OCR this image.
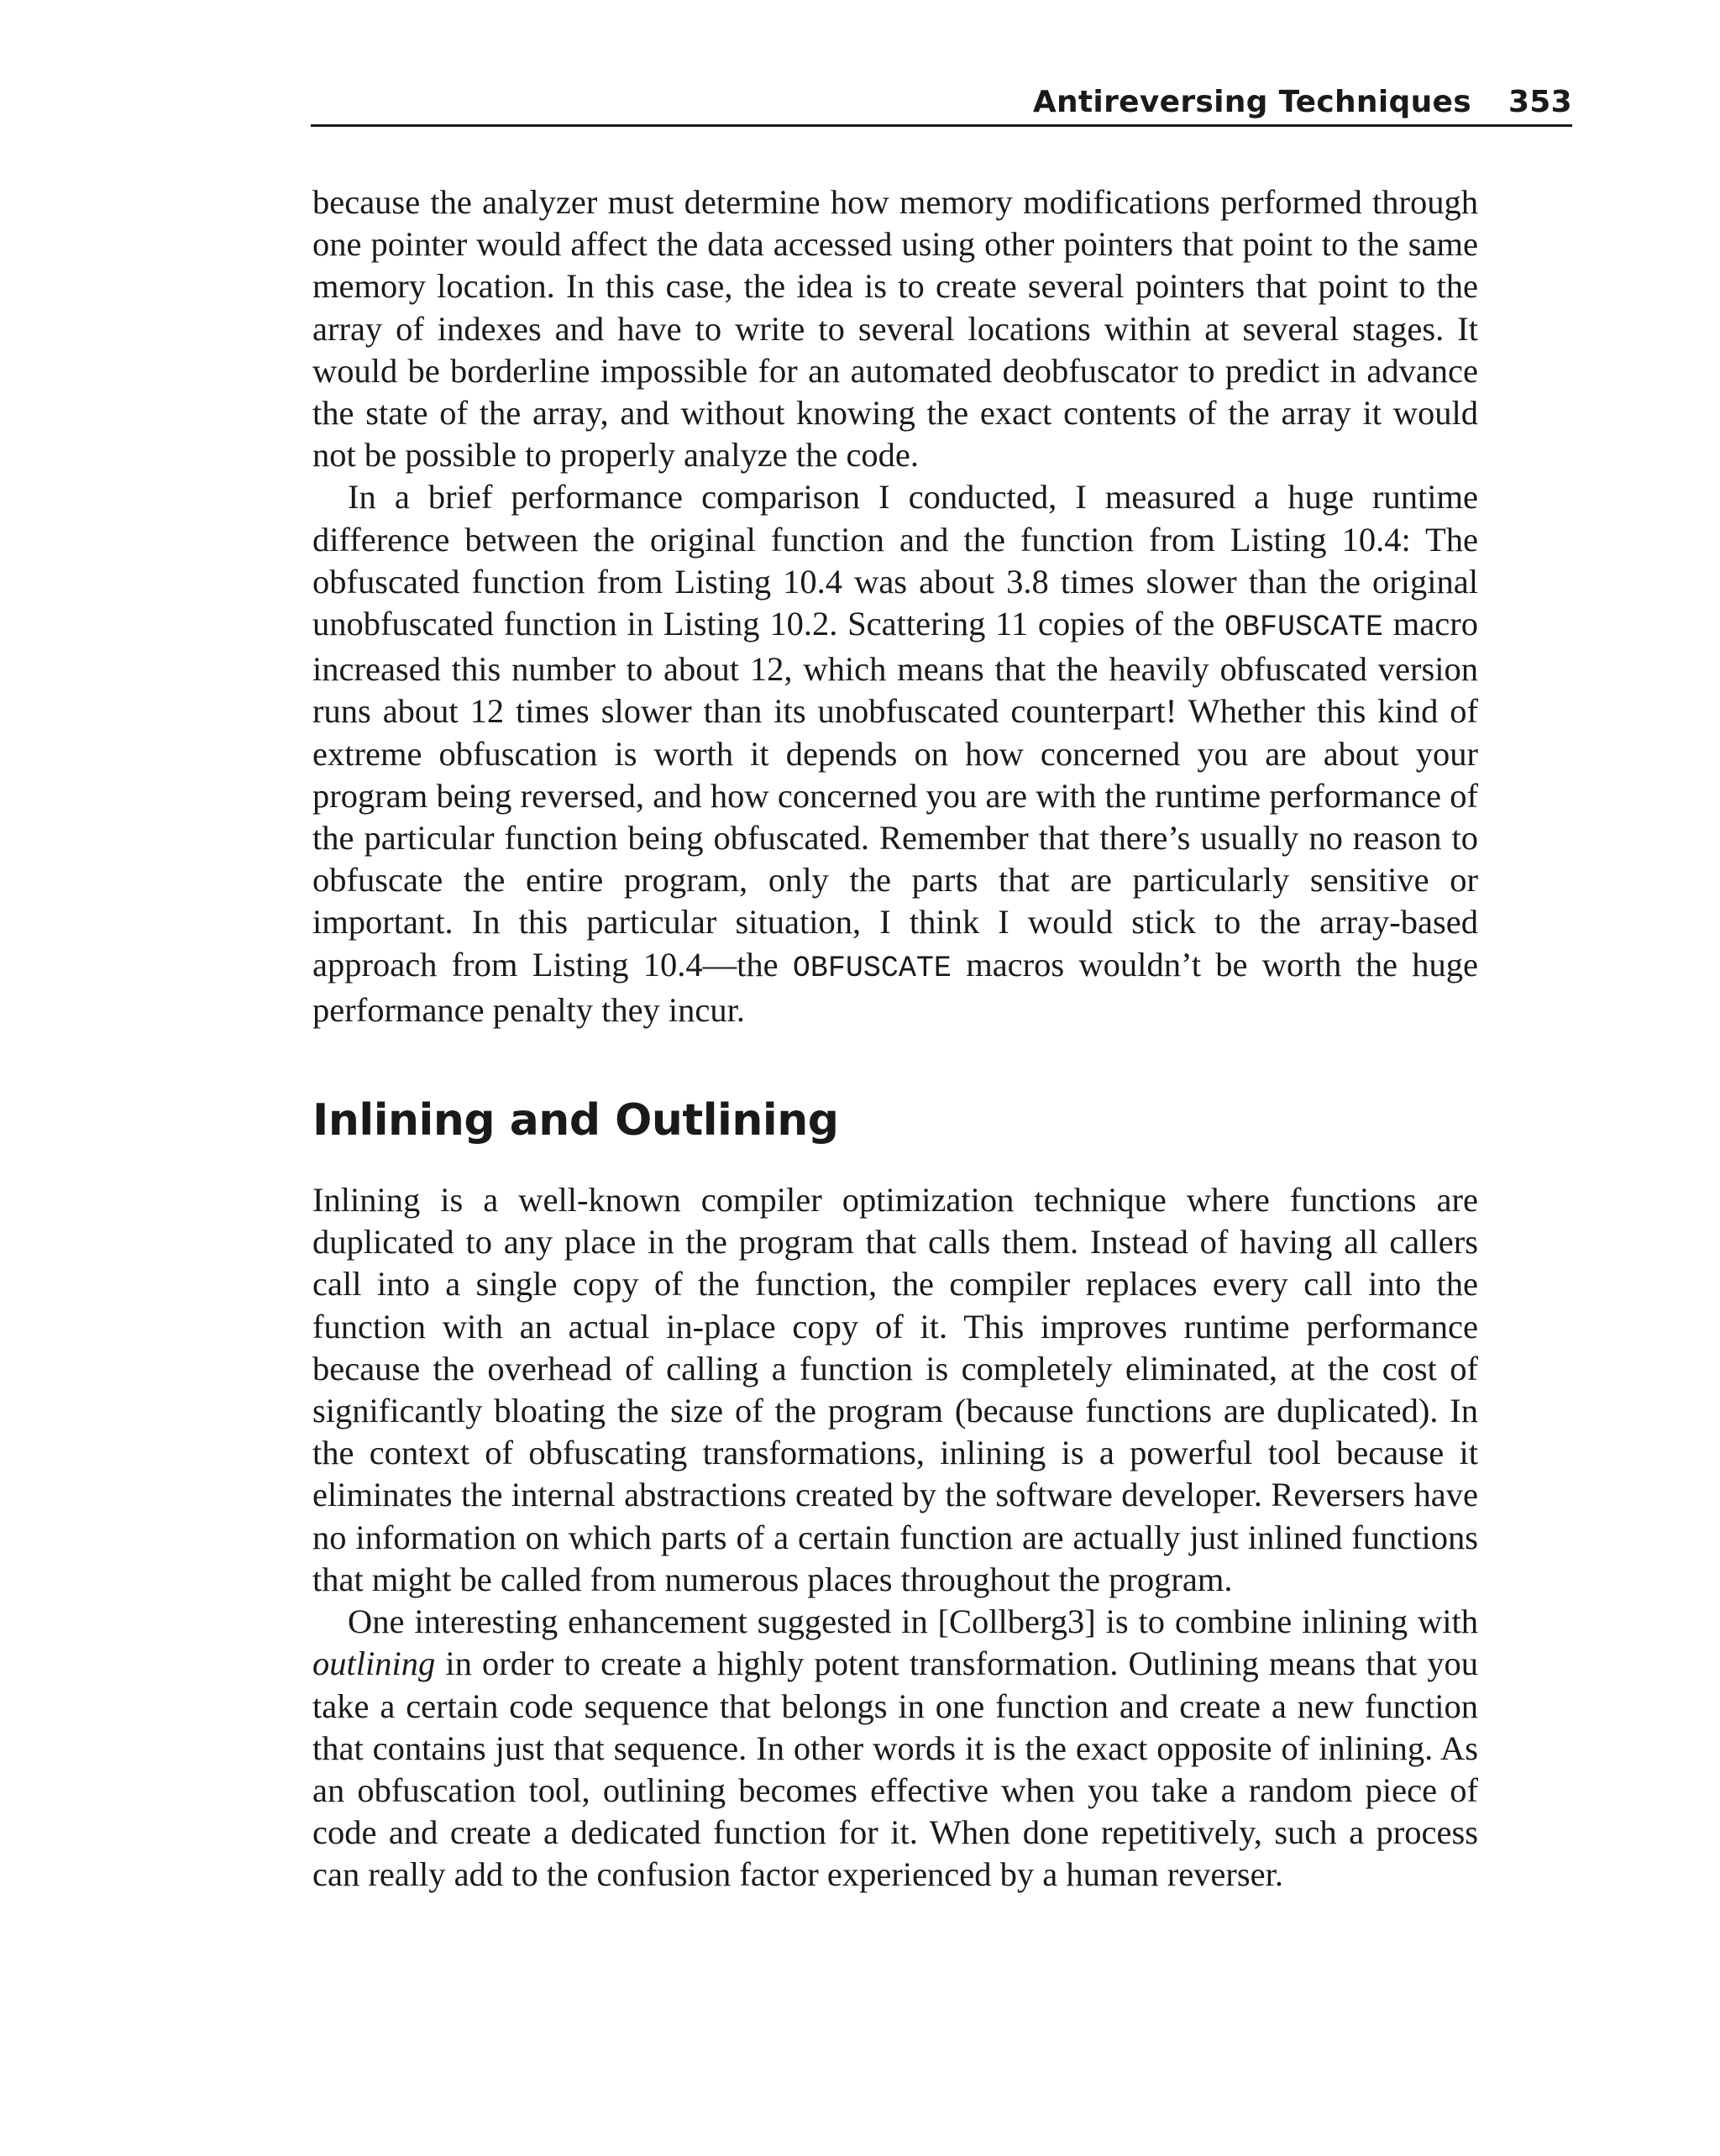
Antireversing Techniques 353

because the analyzer must determine how memory modifications performed through one pointer would affect the data accessed using other pointers that point to the same memory location. In this case, the idea is to create several pointers that point to the array of indexes and have to write to several locations within at several stages. It would be borderline impossible for an automated deobfuscator to predict in advance the state of the array, and without knowing the exact contents of the array it would not be possible to properly analyze the code.

In a brief performance comparison I conducted, I measured a huge runtime difference between the original function and the function from Listing 10.4: The obfuscated function from Listing 10.4 was about 3.8 times slower than the original unobfuscated function in Listing 10.2. Scattering 11 copies of the OBFUSCATE macro increased this number to about 12, which means that the heavily obfuscated version runs about 12 times slower than its unobfuscated counterpart! Whether this kind of extreme obfuscation is worth it depends on how concerned you are about your program being reversed, and how concerned you are with the runtime performance of the particular function being obfuscated. Remember that there’s usually no reason to obfuscate the entire program, only the parts that are particularly sensitive or important. In this particular situation, I think I would stick to the array-based approach from Listing 10.4—the OBFUSCATE macros wouldn’t be worth the huge performance penalty they incur.

Inlining and Outlining

Inlining is a well-known compiler optimization technique where functions are duplicated to any place in the program that calls them. Instead of having all callers call into a single copy of the function, the compiler replaces every call into the function with an actual in-place copy of it. This improves runtime performance because the overhead of calling a function is completely eliminated, at the cost of significantly bloating the size of the program (because functions are duplicated). In the context of obfuscating transformations, inlining is a powerful tool because it eliminates the internal abstractions created by the software developer. Reversers have no information on which parts of a certain function are actually just inlined functions that might be called from numerous places throughout the program.

One interesting enhancement suggested in [Collberg3] is to combine inlining with outlining in order to create a highly potent transformation. Outlining means that you take a certain code sequence that belongs in one function and create a new function that contains just that sequence. In other words it is the exact opposite of inlining. As an obfuscation tool, outlining becomes effective when you take a random piece of code and create a dedicated function for it. When done repetitively, such a process can really add to the confusion factor experienced by a human reverser.
